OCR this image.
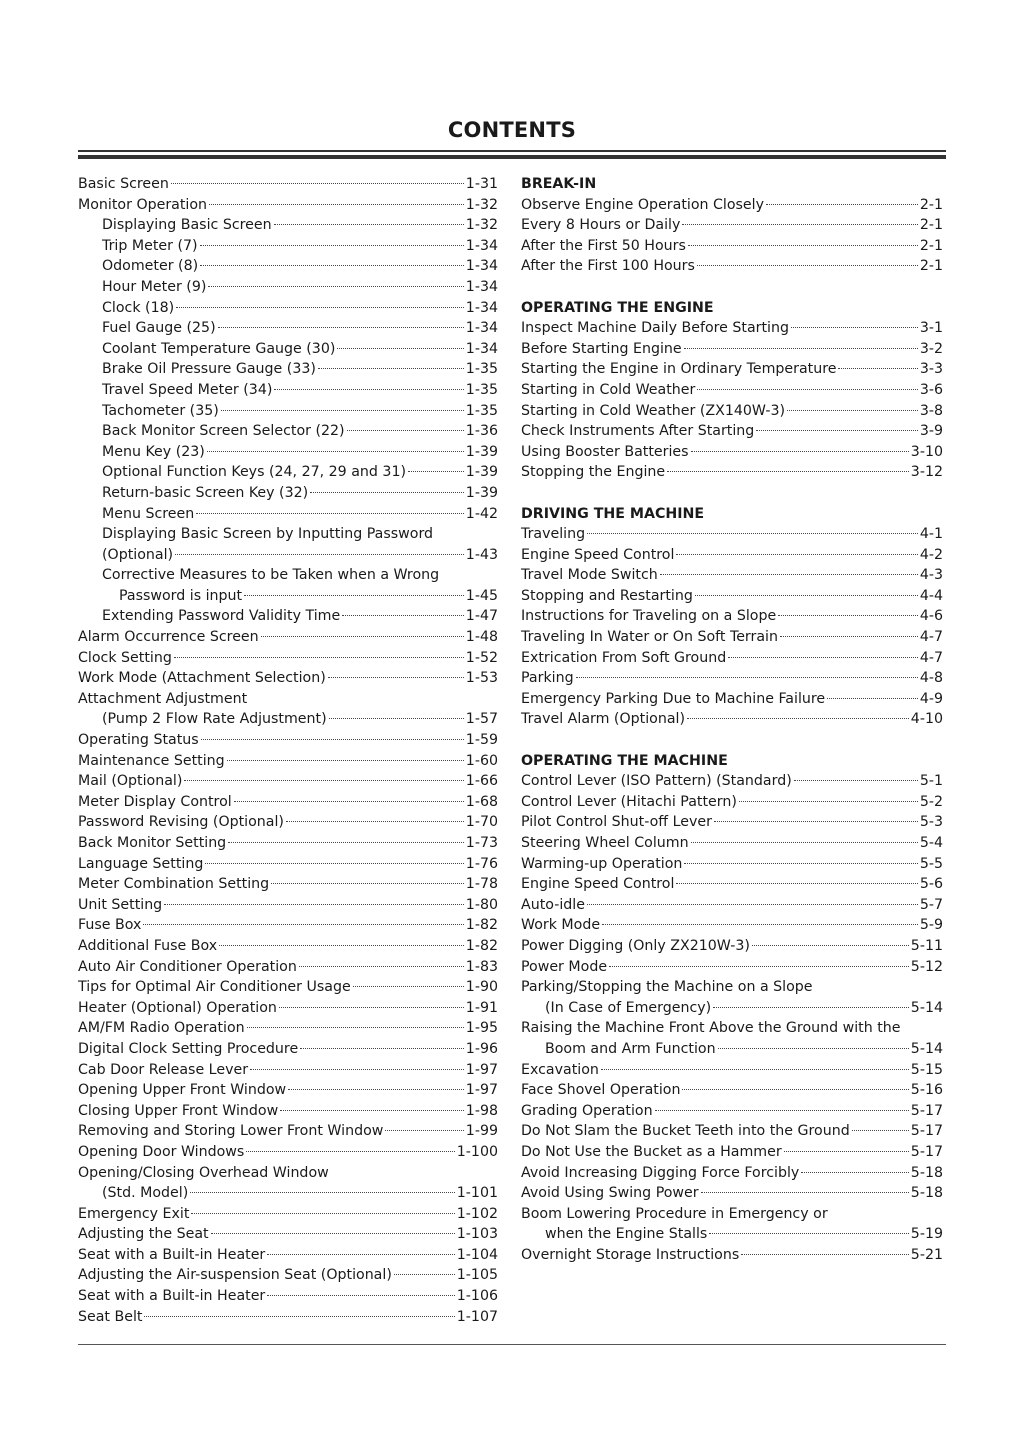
CONTENTS
Basic Screen	1-31
Monitor Operation	1-32
Displaying Basic Screen	1-32
Trip Meter (7)	1-34
Odometer (8)	1-34
Hour Meter (9)	1-34
Clock (18)	1-34
Fuel Gauge (25)	1-34
Coolant Temperature Gauge (30)	1-34
Brake Oil Pressure Gauge (33)	1-35
Travel Speed Meter (34)	1-35
Tachometer (35)	1-35
Back Monitor Screen Selector (22)	1-36
Menu Key (23)	1-39
Optional Function Keys (24, 27, 29 and 31)	1-39
Return-basic Screen Key (32)	1-39
Menu Screen	1-42
Displaying Basic Screen by Inputting Password
(Optional)	1-43
Corrective Measures to be Taken when a Wrong
Password is input	1-45
Extending Password Validity Time	1-47
Alarm Occurrence Screen	1-48
Clock Setting	1-52
Work Mode (Attachment Selection)	1-53
Attachment Adjustment
(Pump 2 Flow Rate Adjustment)	1-57
Operating Status	1-59
Maintenance Setting	1-60
Mail (Optional)	1-66
Meter Display Control	1-68
Password Revising (Optional)	1-70
Back Monitor Setting	1-73
Language Setting	1-76
Meter Combination Setting	1-78
Unit Setting	1-80
Fuse Box	1-82
Additional Fuse Box	1-82
Auto Air Conditioner Operation	1-83
Tips for Optimal Air Conditioner Usage	1-90
Heater (Optional) Operation	1-91
AM/FM Radio Operation	1-95
Digital Clock Setting Procedure	1-96
Cab Door Release Lever	1-97
Opening Upper Front Window	1-97
Closing Upper Front Window	1-98
Removing and Storing Lower Front Window	1-99
Opening Door Windows	1-100
Opening/Closing Overhead Window
(Std. Model)	1-101
Emergency Exit	1-102
Adjusting the Seat	1-103
Seat with a Built-in Heater	1-104
Adjusting the Air-suspension Seat (Optional)	1-105
Seat with a Built-in Heater	1-106
Seat Belt	1-107
BREAK-IN
Observe Engine Operation Closely	2-1
Every 8 Hours or Daily	2-1
After the First 50 Hours	2-1
After the First 100 Hours	2-1
OPERATING THE ENGINE
Inspect Machine Daily Before Starting	3-1
Before Starting Engine	3-2
Starting the Engine in Ordinary Temperature	3-3
Starting in Cold Weather	3-6
Starting in Cold Weather (ZX140W-3)	3-8
Check Instruments After Starting	3-9
Using Booster Batteries	3-10
Stopping the Engine	3-12
DRIVING THE MACHINE
Traveling	4-1
Engine Speed Control	4-2
Travel Mode Switch	4-3
Stopping and Restarting	4-4
Instructions for Traveling on a Slope	4-6
Traveling In Water or On Soft Terrain	4-7
Extrication From Soft Ground	4-7
Parking	4-8
Emergency Parking Due to Machine Failure	4-9
Travel Alarm (Optional)	4-10
OPERATING THE MACHINE
Control Lever (ISO Pattern) (Standard)	5-1
Control Lever (Hitachi Pattern)	5-2
Pilot Control Shut-off Lever	5-3
Steering Wheel Column	5-4
Warming-up Operation	5-5
Engine Speed Control	5-6
Auto-idle	5-7
Work Mode	5-9
Power Digging (Only ZX210W-3)	5-11
Power Mode	5-12
Parking/Stopping the Machine on a Slope
(In Case of Emergency)	5-14
Raising the Machine Front Above the Ground with the
Boom and Arm Function	5-14
Excavation	5-15
Face Shovel Operation	5-16
Grading Operation	5-17
Do Not Slam the Bucket Teeth into the Ground	5-17
Do Not Use the Bucket as a Hammer	5-17
Avoid Increasing Digging Force Forcibly	5-18
Avoid Using Swing Power	5-18
Boom Lowering Procedure in Emergency or
when the Engine Stalls	5-19
Overnight Storage Instructions	5-21
